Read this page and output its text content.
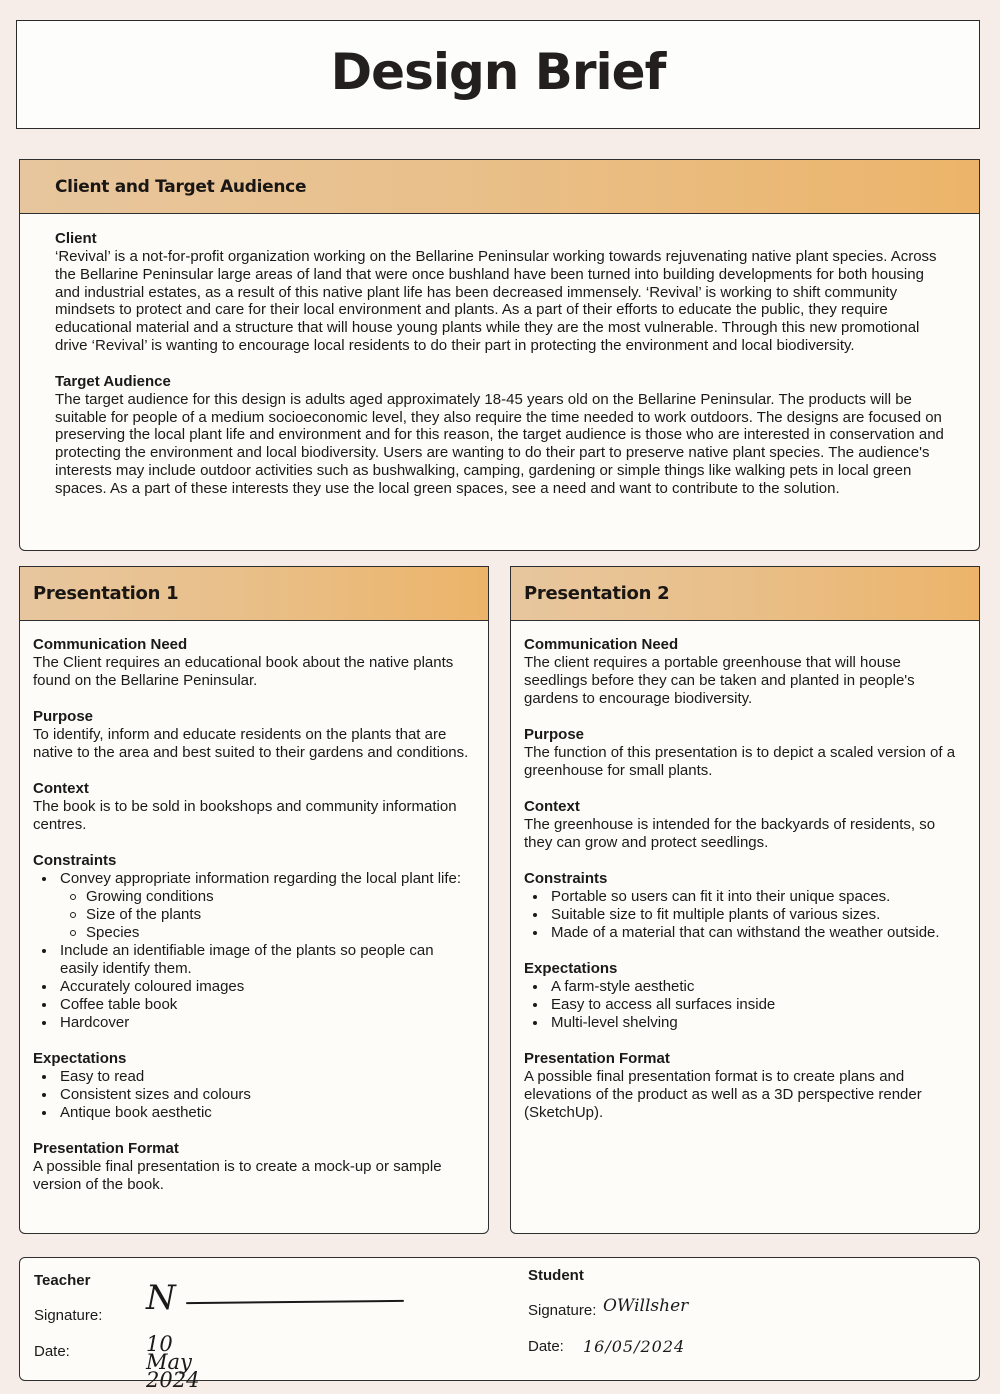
Design Brief
Client and Target Audience
Client

‘Revival’ is a not-for-profit organization working on the Bellarine Peninsular working towards rejuvenating native plant species. Across the Bellarine Peninsular large areas of land that were once bushland have been turned into building developments for both housing and industrial estates, as a result of this native plant life has been decreased immensely. ‘Revival’ is working to shift community mindsets to protect and care for their local environment and plants. As a part of their efforts to educate the public, they require educational material and a structure that will house young plants while they are the most vulnerable. Through this new promotional drive ‘Revival’ is wanting to encourage local residents to do their part in protecting the environment and local biodiversity.

Target Audience

The target audience for this design is adults aged approximately 18-45 years old on the Bellarine Peninsular. The products will be suitable for people of a medium socioeconomic level, they also require the time needed to work outdoors. The designs are focused on preserving the local plant life and environment and for this reason, the target audience is those who are interested in conservation and protecting the environment and local biodiversity. Users are wanting to do their part to preserve native plant species. The audience's interests may include outdoor activities such as bushwalking, camping, gardening or simple things like walking pets in local green spaces. As a part of these interests they use the local green spaces, see a need and want to contribute to the solution.

Presentation 1
Communication Need

The Client requires an educational book about the native plants found on the Bellarine Peninsular.

Purpose

To identify, inform and educate residents on the plants that are native to the area and best suited to their gardens and conditions.

Context

The book is to be sold in bookshops and community information centres.

Constraints
Convey appropriate information regarding the local plant life:
Growing conditions
Size of the plants
Species
Include an identifiable image of the plants so people can easily identify them.
Accurately coloured images
Coffee table book
Hardcover
Expectations
Easy to read
Consistent sizes and colours
Antique book aesthetic
Presentation Format

A possible final presentation is to create a mock-up or sample version of the book.

Presentation 2
Communication Need

The client requires a portable greenhouse that will house seedlings before they can be taken and planted in people's gardens to encourage biodiversity.

Purpose

The function of this presentation is to depict a scaled version of a greenhouse for small plants.

Context

The greenhouse is intended for the backyards of residents, so they can grow and protect seedlings.

Constraints
Portable so users can fit it into their unique spaces.
Suitable size to fit multiple plants of various sizes.
Made of a material that can withstand the weather outside.
Expectations
A farm-style aesthetic
Easy to access all surfaces inside
Multi-level shelving
Presentation Format

A possible final presentation format is to create plans and elevations of the product as well as a 3D perspective render (SketchUp).

Teacher
Signature: N
Date:	10 May 2024
Student
Signature: OWillsher
Date: 16/05/2024
